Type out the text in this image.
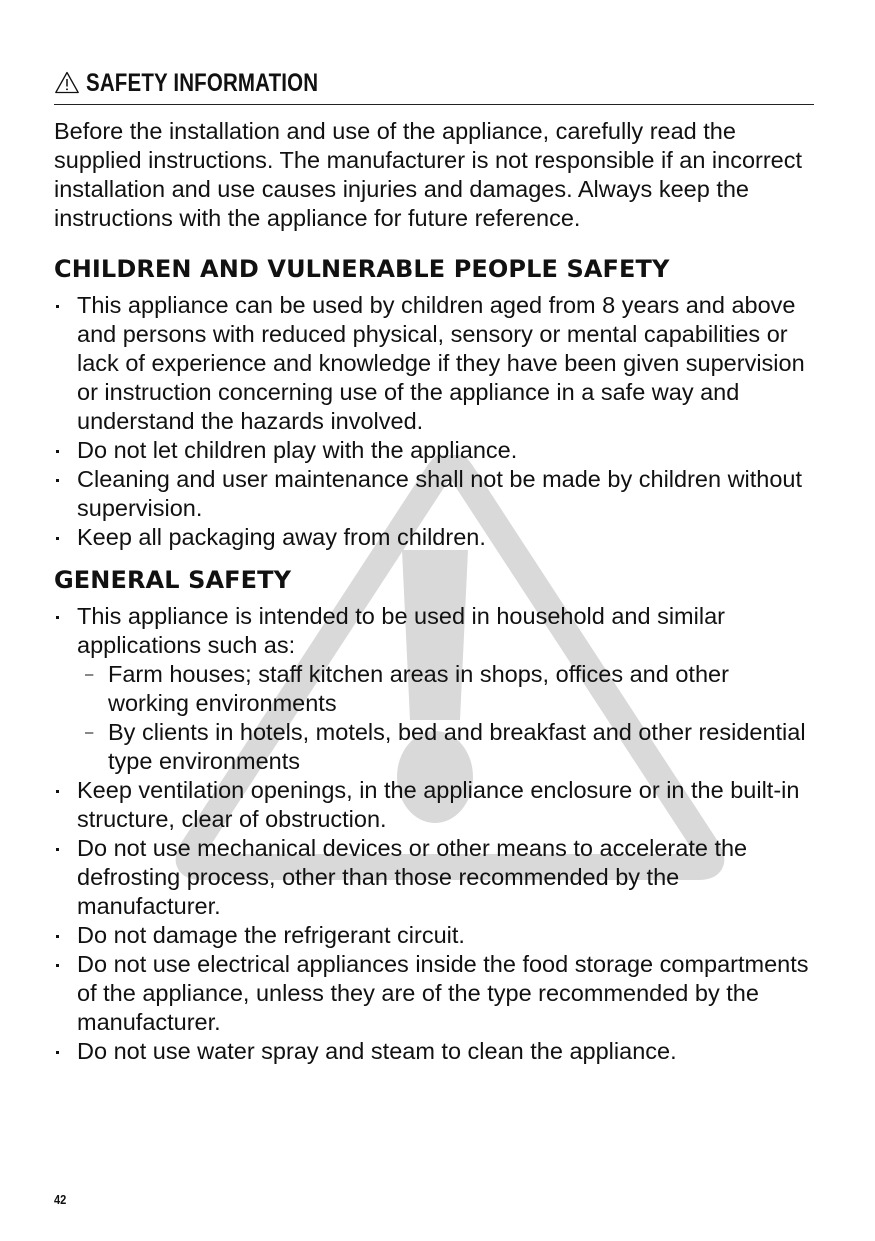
SAFETY INFORMATION

Before the installation and use of the appliance, carefully read the supplied instructions. The manufacturer is not responsible if an incorrect installation and use causes injuries and damages. Always keep the instructions with the appliance for future reference.

CHILDREN AND VULNERABLE PEOPLE SAFETY
This appliance can be used by children aged from 8 years and above and persons with reduced physical, sensory or mental capabilities or lack of experience and knowledge if they have been given supervision or instruction concerning use of the appliance in a safe way and understand the hazards involved.
Do not let children play with the appliance.
Cleaning and user maintenance shall not be made by children without supervision.
Keep all packaging away from children.
GENERAL SAFETY
This appliance is intended to be used in household and similar applications such as:
– Farm houses; staff kitchen areas in shops, offices and other working environments
– By clients in hotels, motels, bed and breakfast and other residential type environments
Keep ventilation openings, in the appliance enclosure or in the built-in structure, clear of obstruction.
Do not use mechanical devices or other means to accelerate the defrosting process, other than those recommended by the manufacturer.
Do not damage the refrigerant circuit.
Do not use electrical appliances inside the food storage compartments of the appliance, unless they are of the type recommended by the manufacturer.
Do not use water spray and steam to clean the appliance.
42
